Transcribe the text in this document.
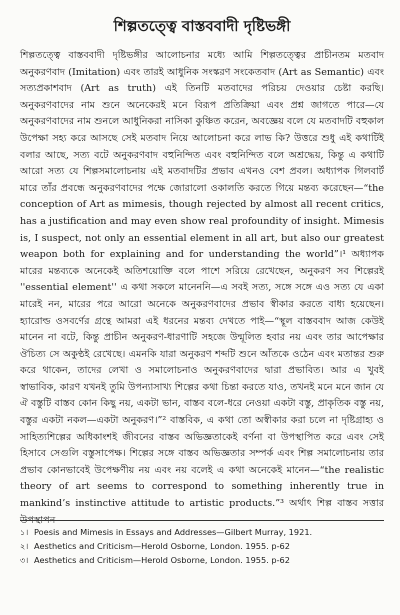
শিল্পতত্ত্বে বাস্তববাদী দৃষ্টিভঙ্গী

শিল্পতত্ত্বে বাস্তববাদী দৃষ্টিভঙ্গীর আলোচনার মধ্যে আমি শিল্পতত্ত্বের প্রাচীনতম মতবাদ অনুকরণবাদ (Imitation) এবং তারই আধুনিক সংস্করণ সংকেতবাদ (Art as Semantic) এবং সত্যপ্রকাশবাদ (Art as truth) এই তিনটি মতবাদের পরিচয় দেওয়ার চেষ্টা করছি। অনুকরণবাদের নাম শুনে অনেকেরই মনে বিরূপ প্রতিক্রিয়া এবং প্রশ্ন জাগতে পারে—যে অনুকরণবাদের নাম শুনলে আধুনিকরা নাসিকা কুঞ্চিত করেন, অবজ্ঞেয় বলে যে মতবাদটি বহুকাল উপেক্ষা সহ্য করে আসছে সেই মতবাদ নিয়ে আলোচনা করে লাভ কি? উত্তরে শুধু এই কথাটিই বলার আছে, সত্য বটে অনুকরণবাদ বহুনিন্দিত এবং বহুনিন্দিত বলে অশ্রদ্ধেয়, কিন্তু এ কথাটি আরো সত্য যে শিল্পসমালোচনায় এই মতবাদটির প্রভাব এখনও বেশ প্রবল। অধ্যাপক গিলবার্ট মারে তাঁর প্রবন্ধে অনুকরণবাদের পক্ষে জোরালো ওকালতি করতে গিয়ে মন্তব্য করেছেন—“the conception of Art as mimesis, though rejected by almost all recent critics, has a justification and may even show real profoundity of insight. Mimesis is, I suspect, not only an essential element in all art, but also our greatest weapon both for explaining and for understanding the world”।¹ অধ্যাপক মারের মন্তব্যকে অনেকেই অতিশয়োক্তি বলে পাশে সরিয়ে রেখেছেন, অনুকরণ সব শিল্পেরই ''essential element'' এ কথা সকলে মানেননি—এ সবই সত্য, সঙ্গে সঙ্গে এও সত্য যে একা মারেই নন, মারের পরে আরো অনেকে অনুকরণবাদের প্রভাব স্বীকার করতে বাধ্য হয়েছেন। হ্যারোল্ড ওসবর্ণের গ্রন্থে আমরা এই ধরনের মন্তব্য দেখতে পাই—“স্থূল বাস্তববাদ আজ কেউই মানেন না বটে, কিন্তু প্রাচীন অনুকরণ-ধারণাটি সহজে উন্মূলিত হবার নয় এবং তার আপেক্ষার ঔচিত্য সে অকুণ্ঠই রেখেছে। এমনকি যারা অনুকরণ শব্দটি শুনে আঁতকে ওঠেন এবং মতান্তর শুরু করে থাকেন, তাদের লেখা ও সমালোচনাও অনুকরণবাদের দ্বারা প্রভাবিত। আর এ খুবই স্বাভাবিক, কারণ যখনই তুমি উপন্যাসাখ্য শিল্পের কথা চিন্তা করতে যাও, তখনই মনে মনে জান যে ঐ বস্তুটি বাস্তব কোন কিছু নয়, একটা ভান, বাস্তব বলে-ধরে নেওয়া একটা বস্তু, প্রাকৃতিক বস্তু নয়, বস্তুর একটা নকল—একটা অনুকরণ।”² বাস্তবিক, এ কথা তো অস্বীকার করা চলে না দৃষ্টিগ্রাহ্য ও সাহিত্যশিল্পের অধিকাংশই জীবনের বাস্তব অভিজ্ঞতাকেই বর্ণনা বা উপস্থাপিত করে এবং সেই হিসাবে সেগুলি বস্তুসাপেক্ষ। শিল্পের সঙ্গে বাস্তব অভিজ্ঞতার সম্পর্ক এবং শিল্প সমালোচনায় তার প্রভাব কোনভাবেই উপেক্ষণীয় নয় এবং নয় বলেই এ কথা অনেকেই মানেন—“the realistic theory of art seems to correspond to something inherently true in mankind’s instinctive attitude to artistic products.”³ অর্থাৎ শিল্প বাস্তব সত্তার উপস্থাপন

১। Poesis and Mimesis in Essays and Addresses—Gilbert Murray, 1921.
২। Aesthetics and Criticism—Herold Osborne, London. 1955. p-62
৩। Aesthetics and Criticism—Herold Osborne, London. 1955. p-62
